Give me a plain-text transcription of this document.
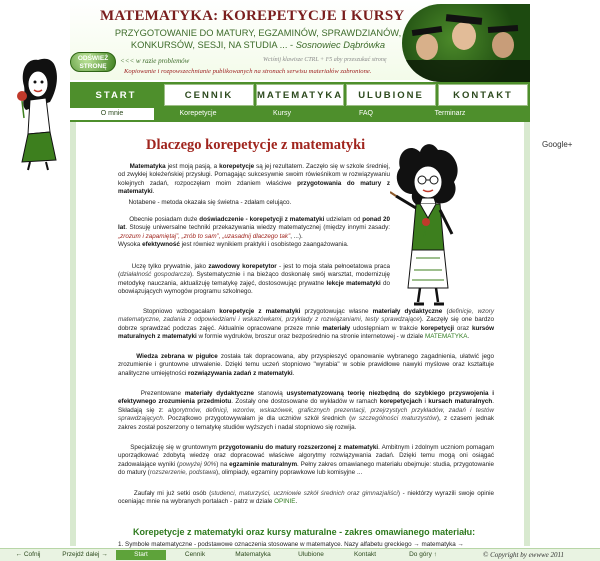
MATEMATYKA: KOREPETYCJE I KURSY
PRZYGOTOWANIE DO MATURY, EGZAMINÓW, SPRAWDZIANÓW,
KONKURSÓW, SESJI, NA STUDIA ... - Sosnowiec Dąbrówka
ODŚWIEŻ
STRONĘ
<<< w razie problemów	Wciśnij klawisze CTRL + F5 aby przeszukać stronę
Kopiowanie i rozpowszechnianie publikowanych na stronach serwisu materiałów zabronione.
START	CENNIK	MATEMATYKA	ULUBIONE	KONTAKT
O mnie	Korepetycje	Kursy	FAQ	Terminarz
Google+
Dlaczego korepetycje z matematyki
Matematyka jest moją pasją, a korepetycje są jej rezultatem. Zaczęło się w szkole średniej, od zwykłej koleżeńskiej przysługi. Pomagając sukcesywnie swoim rówieśnikom w rozwiązywaniu kolejnych zadań, rozpoczęłam moim zdaniem właściwe przygotowania do matury z matematyki.
Notabene - metoda okazała się świetna - zdałam celująco.
Obecnie posiadam duże doświadczenie - korepetycji z matematyki udzielam od ponad 20 lat. Stosuję uniwersalne techniki przekazywania wiedzy matematycznej (między innymi zasady: „zrozum i zapamiętaj”, „zrób to sam”, „uzasadnij dlaczego tak”, ...).
Wysoka efektywność jest równiez wynikiem praktyki i osobistego zaangażowania.
Uczę tylko prywatnie, jako zawodowy korepetytor - jest to moja stała pełnoetatowa praca (działalność gospodarcza). Systematycznie i na bieżąco doskonalę swój warsztat, modernizuję metodykę nauczania, aktualizuję tematykę zajęć, dostosowując prywatne lekcje matematyki do obowiązujących wymogów programu szkolnego.
Stopniowo wzbogacałam korepetycje z matematyki przygotowując własne materiały dydaktyczne (definicje, wzory matematyczne, zadania z odpowiedziami i wskazówkami, przykłady z rozwiązaniami, testy sprawdzające). Zaczęły się one bardzo dobrze sprawdzać podczas zajęć. Aktualnie opracowane przeze mnie materiały udostępniam w trakcie korepetycji oraz kursów maturalnych z matematyki w formie wydruków, broszur oraz bezpośrednio na stronie internetowej - w dziale MATEMATYKA.
Wiedza zebrana w pigułce została tak dopracowana, aby przyspieszyć opanowanie wybranego zagadnienia, ułatwić jego zrozumienie i gruntowne utrwalenie. Dzięki temu uczeń stopniowo "wyrabia" w sobie prawidłowe nawyki myślowe oraz kształtuje analityczne umiejętności rozwiązywania zadań z matematyki.
Prezentowane materiały dydaktyczne stanowią usystematyzowaną teorię niezbędną do szybkiego przyswojenia i efektywnego zrozumienia przedmiotu. Zostały one dostosowane do wykładów w ramach korepetycjach i kursach maturalnych. Składają się z: algorytmów, definicji, wzorów, wskazówek, graficznych prezentacji, przejrzystych przykładów, zadań i testów sprawdzających. Początkowo przygotowywałam je dla uczniów szkół średnich (w szczególności maturzystów), z czasem jednak zakres został poszerzony o tematykę studiów wyższych i nadal stopniowo się rozwija.
Specjalizuję się w gruntownym przygotowaniu do matury rozszerzonej z matematyki. Ambitnym i zdolnym uczniom pomagam uporządkować zdobytą wiedzę oraz dopracować właściwe algorytmy rozwiązywania zadań. Dzięki temu mogą oni osiągać zadowalające wyniki (powyżej 90%) na egzaminie maturalnym. Pełny zakres omawianego materiału obejmuje: studia, przygotowanie do matury (rozszerzenie, podstawa), olimpiady, egzaminy poprawkowe lub komisyjne ...
Zaufały mi już setki osób (studenci, maturzyści, uczniowie szkół średnich oraz gimnazjaliści) - niektórzy wyrazili swoje opinie oceniając mnie na wybranych portalach - patrz w dziale OPINIE.
Korepetycje z matematyki oraz kursy maturalne - zakres omawianego materiału:
1. Symbole matematyczne - podstawowe oznaczenia stosowane w matematyce. Nazy alfabetu greckiego → matematyka →
← Cofnij	Przejdź dalej →	Start	Cennik	Matematyka	Ulubione	Kontakt	Do góry ↑	© Copyright by ewwwe 2011
